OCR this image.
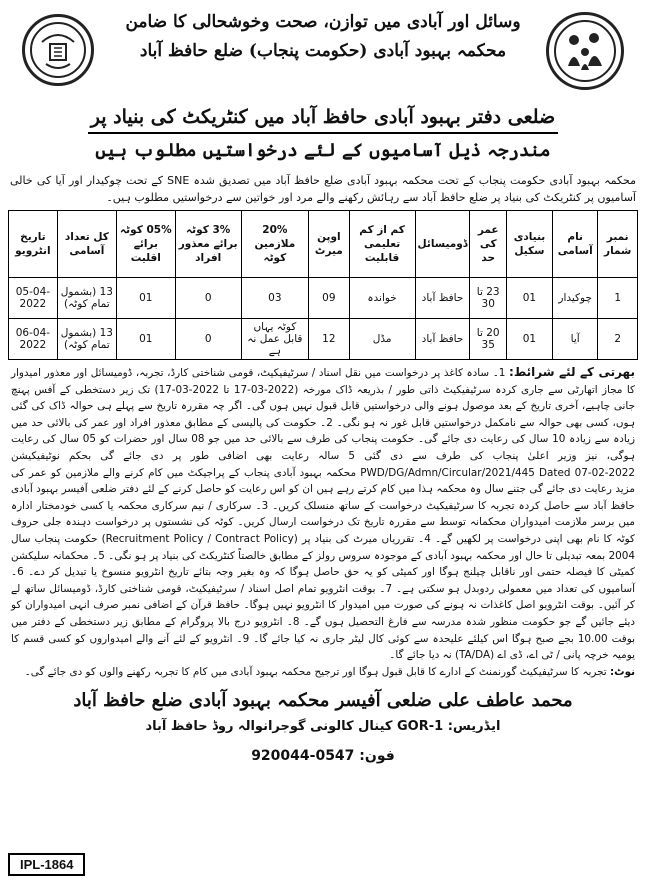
وسائل اور آبادی میں توازن، صحت وخوشحالی کا ضامن
محکمہ بہبود آبادی (حکومت پنجاب) ضلع حافظ آباد
ضلعی دفتر بہبود آبادی حافظ آباد میں کنٹریکٹ کی بنیاد پر
مندرجہ ذیل آسامیوں کے لئے درخواستیں مطلوب ہیں
محکمہ بہبود آبادی حکومت پنجاب کے تحت محکمہ بہبود آبادی ضلع حافظ آباد میں تصدیق شدہ SNE کے تحت چوکیدار اور آیا کی خالی آسامیوں پر کنٹریکٹ کی بنیاد پر ضلع حافظ آباد سے رہائش رکھنے والے مرد اور خواتین سے درخواستیں مطلوب ہیں۔
نمبر شمار	نام آسامی	بنیادی سکیل	عمر کی حد	ڈومیسائل	کم از کم تعلیمی قابلیت	اوپن میرٹ	20% ملازمین کوٹہ	3% کوٹہ برائے معذور افراد	05% کوٹہ برائے اقلیت	کل تعداد آسامی	تاریخ انٹرویو
1	چوکیدار	01	23 تا 30	حافظ آباد	خواندہ	09	03	0	01	13 (بشمول تمام کوٹہ)	05-04-2022
2	آیا	01	20 تا 35	حافظ آباد	مڈل	12	کوٹہ یہاں قابل عمل نہ ہے	0	01	13 (بشمول تمام کوٹہ)	06-04-2022
بھرتی کے لئے شرائط: 1۔ سادہ کاغذ پر درخواست میں نقل اسناد / سرٹیفیکیٹ، قومی شناختی کارڈ، تجربہ، ڈومیسائل اور معذور امیدوار کا مجاز اتھارٹی سے جاری کردہ سرٹیفیکیٹ ذاتی طور / بذریعہ ڈاک مورخہ (2022-03-17 تا 2022-03-17) تک زیر دستخطی کے آفس پہنچ جانی چاہیے، آخری تاریخ کے بعد موصول ہونے والی درخواستیں قابل قبول نہیں ہوں گی۔ اگر چہ مقررہ تاریخ سے پہلے ہی حوالہ ڈاک کی گئی ہوں، کسی بھی حوالہ سے نامکمل درخواستیں قابل غور نہ ہو نگی۔ 2۔ حکومت کی پالیسی کے مطابق معذور افراد اور عمر کی بالائی حد میں زیادہ سے زیادہ 10 سال کی رعایت دی جائے گی۔ حکومت پنجاب کی طرف سے بالائی حد میں جو 08 سال اور حضرات کو 05 سال کی رعایت ہوگی، نیز وزیر اعلیٰ پنجاب کی طرف سے دی گئی 5 سالہ رعایت بھی اضافی طور پر دی جائے گی بحکم نوٹیفیکیشن PWD/DG/Admn/Circular/2021/445 Dated 07-02-2022 محکمہ بہبود آبادی پنجاب کے پراجیکٹ میں کام کرنے والے ملازمین کو عمر کی مزید رعایت دی جائے گی جتنے سال وہ محکمہ ہذا میں کام کرتے رہے ہیں ان کو اس رعایت کو حاصل کرنے کے لئے دفتر ضلعی آفیسر بہبود آبادی حافظ آباد سے حاصل کردہ تجربہ کا سرٹیفیکیٹ درخواست کے ساتھ منسلک کریں۔ 3۔ سرکاری / نیم سرکاری محکمہ یا کسی خودمختار ادارہ میں برسر ملازمت امیدواران محکمانہ توسط سے مقررہ تاریخ تک درخواست ارسال کریں۔ کوٹہ کی نشستوں پر درخواست دہندہ جلی حروف کوٹہ کا نام بھی اپنی درخواست پر لکھیں گے۔ 4۔ تقرریاں میرٹ کی بنیاد پر (Recruitment Policy / Contract Policy) حکومت پنجاب سال 2004 بمعہ تبدیلی تا حال اور محکمہ بہبود آبادی کے موجودہ سروس رولز کے مطابق خالصتاً کنٹریکٹ کی بنیاد پر ہو نگی۔ 5۔ محکمانہ سلیکشن کمیٹی کا فیصلہ حتمی اور ناقابل چیلنج ہوگا اور کمیٹی کو یہ حق حاصل ہوگا کہ وہ بغیر وجہ بتائے تاریخ انٹرویو منسوخ یا تبدیل کر دے۔ 6۔ آسامیوں کی تعداد میں معمولی ردوبدل ہو سکتی ہے۔ 7۔ بوقت انٹرویو تمام اصل اسناد / سرٹیفیکیٹ، قومی شناختی کارڈ، ڈومیسائل ساتھ لے کر آئیں۔ بوقت انٹرویو اصل کاغذات نہ ہونے کی صورت میں امیدوار کا انٹرویو نہیں ہوگا۔ حافظ قرآن کے اضافی نمبر صرف انہی امیدواران کو دیئے جائیں گے جو حکومت منظور شدہ مدرسہ سے فارغ التحصیل ہوں گے۔ 8۔ انٹرویو درج بالا پروگرام کے مطابق زیر دستخطی کے دفتر میں بوقت 10.00 بجے صبح ہوگا اس کیلئے علیحدہ سے کوئی کال لیٹر جاری نہ کیا جائے گا۔ 9۔ انٹرویو کے لئے آنے والے امیدواروں کو کسی قسم کا یومیہ خرچہ پانی / ٹی اے، ڈی اے (TA/DA) نہ دیا جائے گا۔
نوٹ: تجربہ کا سرٹیفیکیٹ گورنمنٹ کے ادارے کا قابل قبول ہوگا اور ترجیح محکمہ بہبود آبادی میں کام کا تجربہ رکھنے والوں کو دی جائے گی۔
محمد عاطف علی ضلعی آفیسر محکمہ بہبود آبادی ضلع حافظ آباد
ایڈریس: GOR-1 کینال کالونی گوجرانوالہ روڈ حافظ آباد
فون: 0547-920044
IPL-1864
